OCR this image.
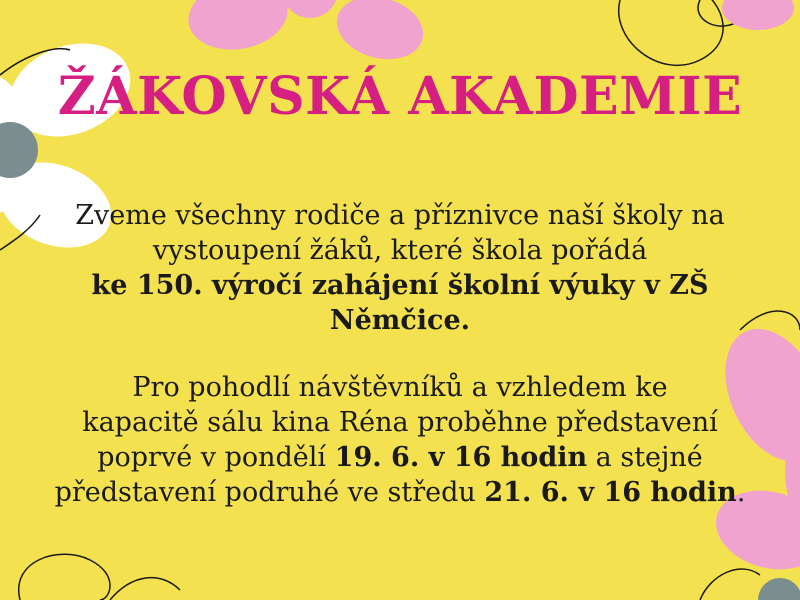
ŽÁKOVSKÁ AKADEMIE

Zveme všechny rodiče a příznivce naší školy na
vystoupení žáků, které škola pořádá
ke 150. výročí zahájení školní výuky v ZŠ
Němčice.

Pro pohodlí návštěvníků a vzhledem ke
kapacitě sálu kina Réna proběhne představení
poprvé v pondělí 19. 6. v 16 hodin a stejné
představení podruhé ve středu 21. 6. v 16 hodin.
